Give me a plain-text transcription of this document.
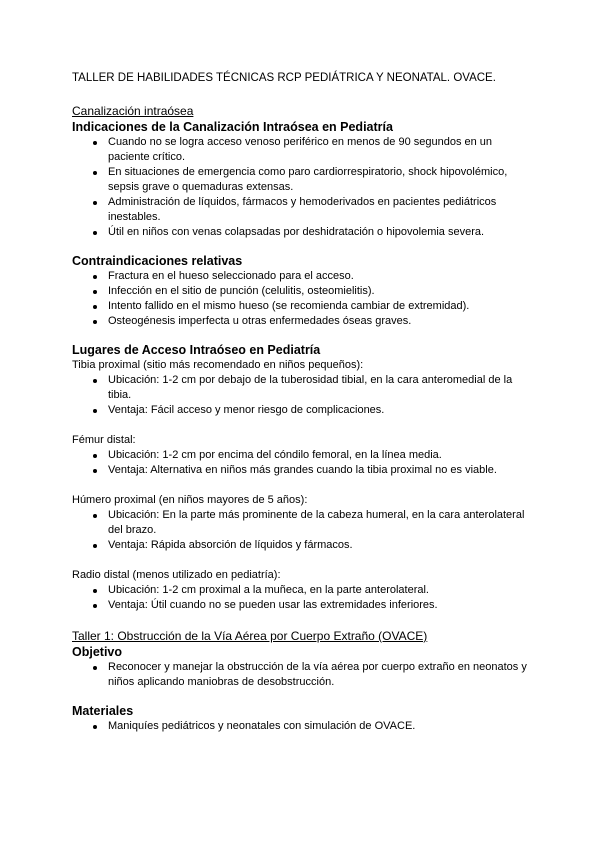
TALLER DE HABILIDADES TÉCNICAS RCP PEDIÁTRICA Y NEONATAL. OVACE.

Canalización intraósea

Indicaciones de la Canalización Intraósea en Pediatría
Cuando no se logra acceso venoso periférico en menos de 90 segundos en un paciente crítico.
En situaciones de emergencia como paro cardiorrespiratorio, shock hipovolémico, sepsis grave o quemaduras extensas.
Administración de líquidos, fármacos y hemoderivados en pacientes pediátricos inestables.
Útil en niños con venas colapsadas por deshidratación o hipovolemia severa.
Contraindicaciones relativas
Fractura en el hueso seleccionado para el acceso.
Infección en el sitio de punción (celulitis, osteomielitis).
Intento fallido en el mismo hueso (se recomienda cambiar de extremidad).
Osteogénesis imperfecta u otras enfermedades óseas graves.
Lugares de Acceso Intraóseo en Pediatría

Tibia proximal (sitio más recomendado en niños pequeños):

Ubicación: 1-2 cm por debajo de la tuberosidad tibial, en la cara anteromedial de la tibia.
Ventaja: Fácil acceso y menor riesgo de complicaciones.

Fémur distal:

Ubicación: 1-2 cm por encima del cóndilo femoral, en la línea media.
Ventaja: Alternativa en niños más grandes cuando la tibia proximal no es viable.

Húmero proximal (en niños mayores de 5 años):

Ubicación: En la parte más prominente de la cabeza humeral, en la cara anterolateral del brazo.
Ventaja: Rápida absorción de líquidos y fármacos.

Radio distal (menos utilizado en pediatría):

Ubicación: 1-2 cm proximal a la muñeca, en la parte anterolateral.
Ventaja: Útil cuando no se pueden usar las extremidades inferiores.

Taller 1: Obstrucción de la Vía Aérea por Cuerpo Extraño (OVACE)

Objetivo
Reconocer y manejar la obstrucción de la vía aérea por cuerpo extraño en neonatos y niños aplicando maniobras de desobstrucción.
Materiales
Maniquíes pediátricos y neonatales con simulación de OVACE.
